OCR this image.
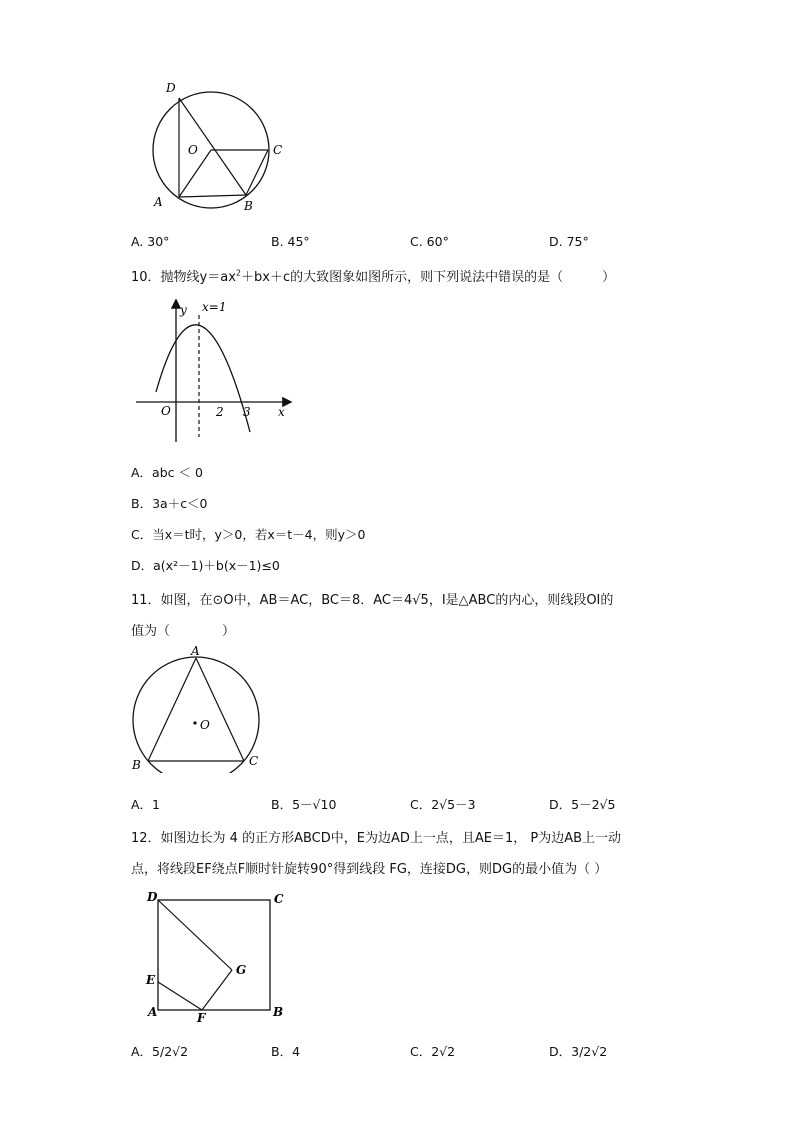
D
O	C
A	B
A. 30°	B. 45°	C. 60°	D. 75°
10．抛物线$y=ax^2+bx+c$的大致图象如图所示，则下列说法中错误的是（　　　）
y x=1
O	2 3 x
A．abc ＜ 0
B．3a＋c＜0
C．当x＝t时，y＞0，若x＝t－4，则y＞0
D．a(x²－1)＋b(x－1)≤0
11．如图，在⊙O中，AB＝AC，BC＝8．AC＝4√5，I是△ABC的内心，则线段OI的
值为（　　　　）
A
O
B	C
A．1	B．5－√10	C．2√5－3	D．5－2√5
12．如图边长为 4 的正方形ABCD中，E为边AD上一点，且AE＝1， P为边AB上一动
点，将线段EF绕点F顺时针旋转90°得到线段 FG，连接DG，则DG的最小值为（ ）
D	C
E
G
A	F	B
A．5/2√2	B．4	C．2√2	D．3/2√2
